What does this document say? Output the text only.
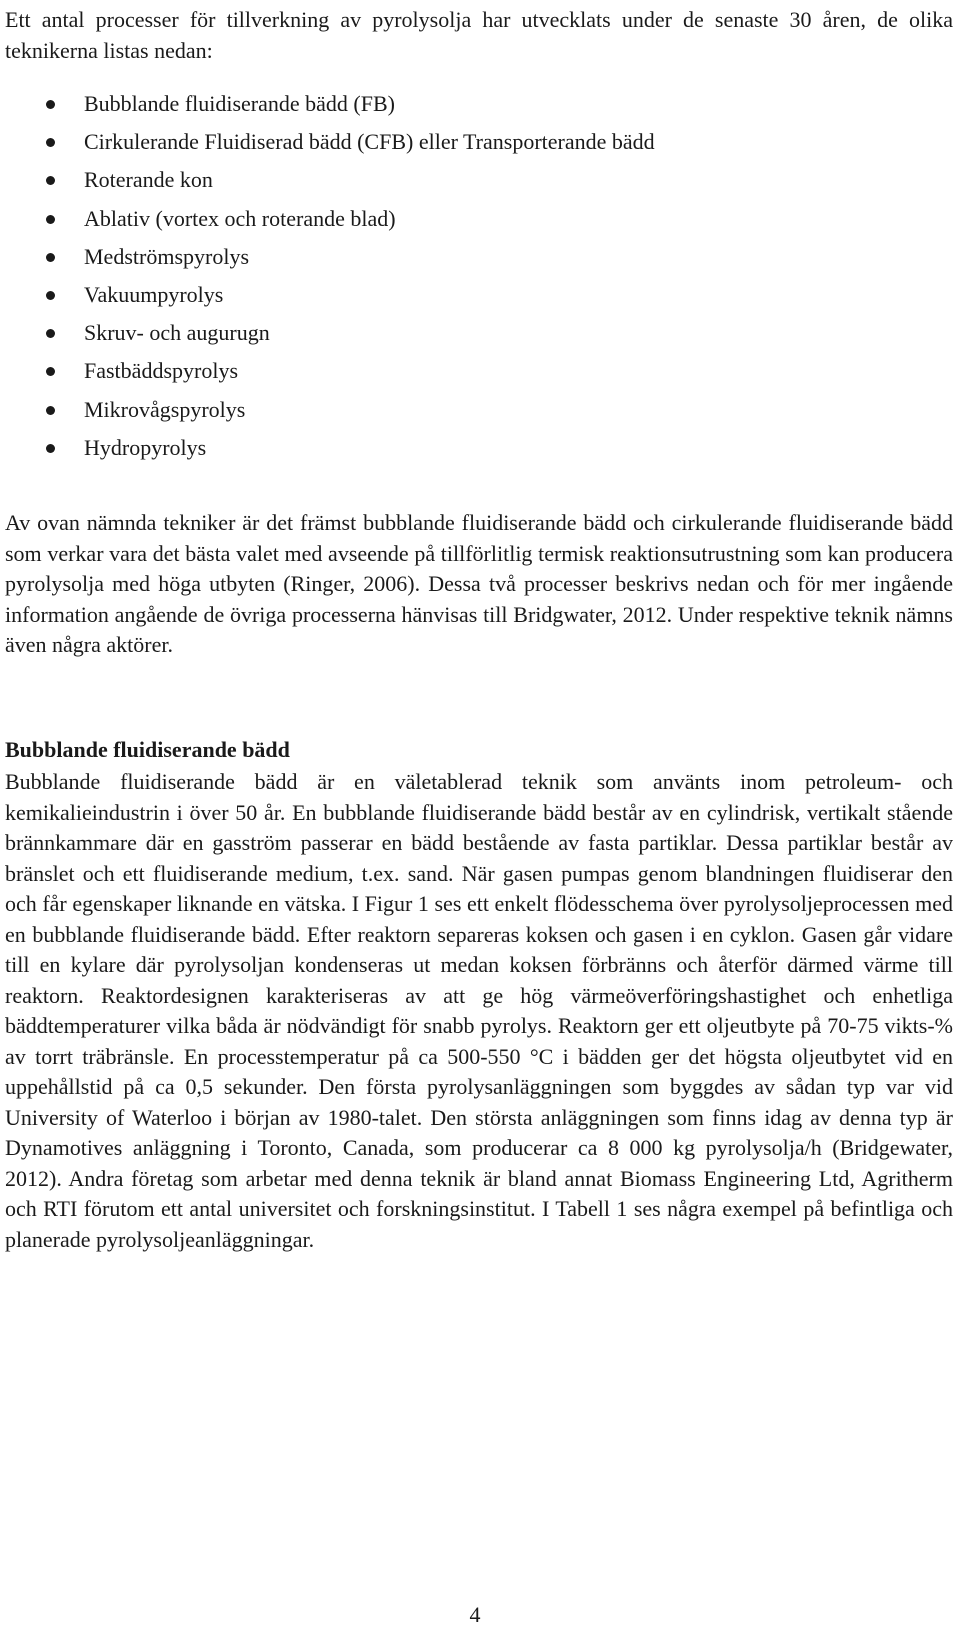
Ett antal processer för tillverkning av pyrolysolja har utvecklats under de senaste 30 åren, de olika teknikerna listas nedan:

Bubblande fluidiserande bädd (FB)
Cirkulerande Fluidiserad bädd (CFB) eller Transporterande bädd
Roterande kon
Ablativ (vortex och roterande blad)
Medströmspyrolys
Vakuumpyrolys
Skruv- och augurugn
Fastbäddspyrolys
Mikrovågspyrolys
Hydropyrolys

Av ovan nämnda tekniker är det främst bubblande fluidiserande bädd och cirkulerande fluidiserande bädd som verkar vara det bästa valet med avseende på tillförlitlig termisk reaktionsutrustning som kan producera pyrolysolja med höga utbyten (Ringer, 2006). Dessa två processer beskrivs nedan och för mer ingående information angående de övriga processerna hänvisas till Bridgwater, 2012. Under respektive teknik nämns även några aktörer.

Bubblande fluidiserande bädd

Bubblande fluidiserande bädd är en väletablerad teknik som använts inom petroleum- och kemikalieindustrin i över 50 år. En bubblande fluidiserande bädd består av en cylindrisk, vertikalt stående brännkammare där en gasström passerar en bädd bestående av fasta partiklar. Dessa partiklar består av bränslet och ett fluidiserande medium, t.ex. sand. När gasen pumpas genom blandningen fluidiserar den och får egenskaper liknande en vätska. I Figur 1 ses ett enkelt flödesschema över pyrolysoljeprocessen med en bubblande fluidiserande bädd. Efter reaktorn separeras koksen och gasen i en cyklon. Gasen går vidare till en kylare där pyrolysoljan kondenseras ut medan koksen förbränns och återför därmed värme till reaktorn. Reaktordesignen karakteriseras av att ge hög värmeöverföringshastighet och enhetliga bäddtemperaturer vilka båda är nödvändigt för snabb pyrolys. Reaktorn ger ett oljeutbyte på 70-75 vikts-% av torrt träbränsle. En processtemperatur på ca 500-550 °C i bädden ger det högsta oljeutbytet vid en uppehållstid på ca 0,5 sekunder. Den första pyrolysanläggningen som byggdes av sådan typ var vid University of Waterloo i början av 1980-talet. Den största anläggningen som finns idag av denna typ är Dynamotives anläggning i Toronto, Canada, som producerar ca 8 000 kg pyrolysolja/h (Bridgewater, 2012). Andra företag som arbetar med denna teknik är bland annat Biomass Engineering Ltd, Agritherm och RTI förutom ett antal universitet och forskningsinstitut. I Tabell 1 ses några exempel på befintliga och planerade pyrolysoljeanläggningar.

4
